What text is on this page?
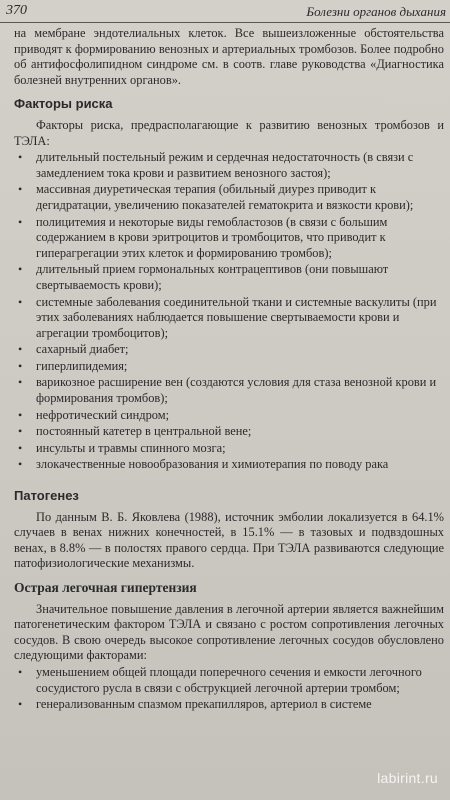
370	Болезни органов дыхания

на мембране эндотелиальных клеток. Все вышеизложенные обстоятельства приводят к формированию венозных и артериальных тромбозов. Более подробно об антифосфолипидном синдроме см. в соотв. главе руководства «Диагностика болезней внутренних органов».

Факторы риска

Факторы риска, предрасполагающие к развитию венозных тромбозов и ТЭЛА:

• длительный постельный режим и сердечная недостаточность (в связи с замедлением тока крови и развитием венозного застоя);
• массивная диуретическая терапия (обильный диурез приводит к дегидратации, увеличению показателей гематокрита и вязкости крови);
• полицитемия и некоторые виды гемобластозов (в связи с большим содержанием в крови эритроцитов и тромбоцитов, что приводит к гиперагрегации этих клеток и формированию тромбов);
• длительный прием гормональных контрацептивов (они повышают свертываемость крови);
• системные заболевания соединительной ткани и системные васкулиты (при этих заболеваниях наблюдается повышение свертываемости крови и агрегации тромбоцитов);
• сахарный диабет;
• гиперлипидемия;
• варикозное расширение вен (создаются условия для стаза венозной крови и формирования тромбов);
• нефротический синдром;
• постоянный катетер в центральной вене;
• инсульты и травмы спинного мозга;
• злокачественные новообразования и химиотерапия по поводу рака
Патогенез

По данным В. Б. Яковлева (1988), источник эмболии локализуется в 64.1% случаев в венах нижних конечностей, в 15.1% — в тазовых и подвздошных венах, в 8.8% — в полостях правого сердца. При ТЭЛА развиваются следующие патофизиологические механизмы.

Острая легочная гипертензия

Значительное повышение давления в легочной артерии является важнейшим патогенетическим фактором ТЭЛА и связано с ростом сопротивления легочных сосудов. В свою очередь высокое сопротивление легочных сосудов обусловлено следующими факторами:

• уменьшением общей площади поперечного сечения и емкости легочного сосудистого русла в связи с обструкцией легочной артерии тромбом;
• генерализованным спазмом прекапилляров, артериол в системе
labirint.ru
